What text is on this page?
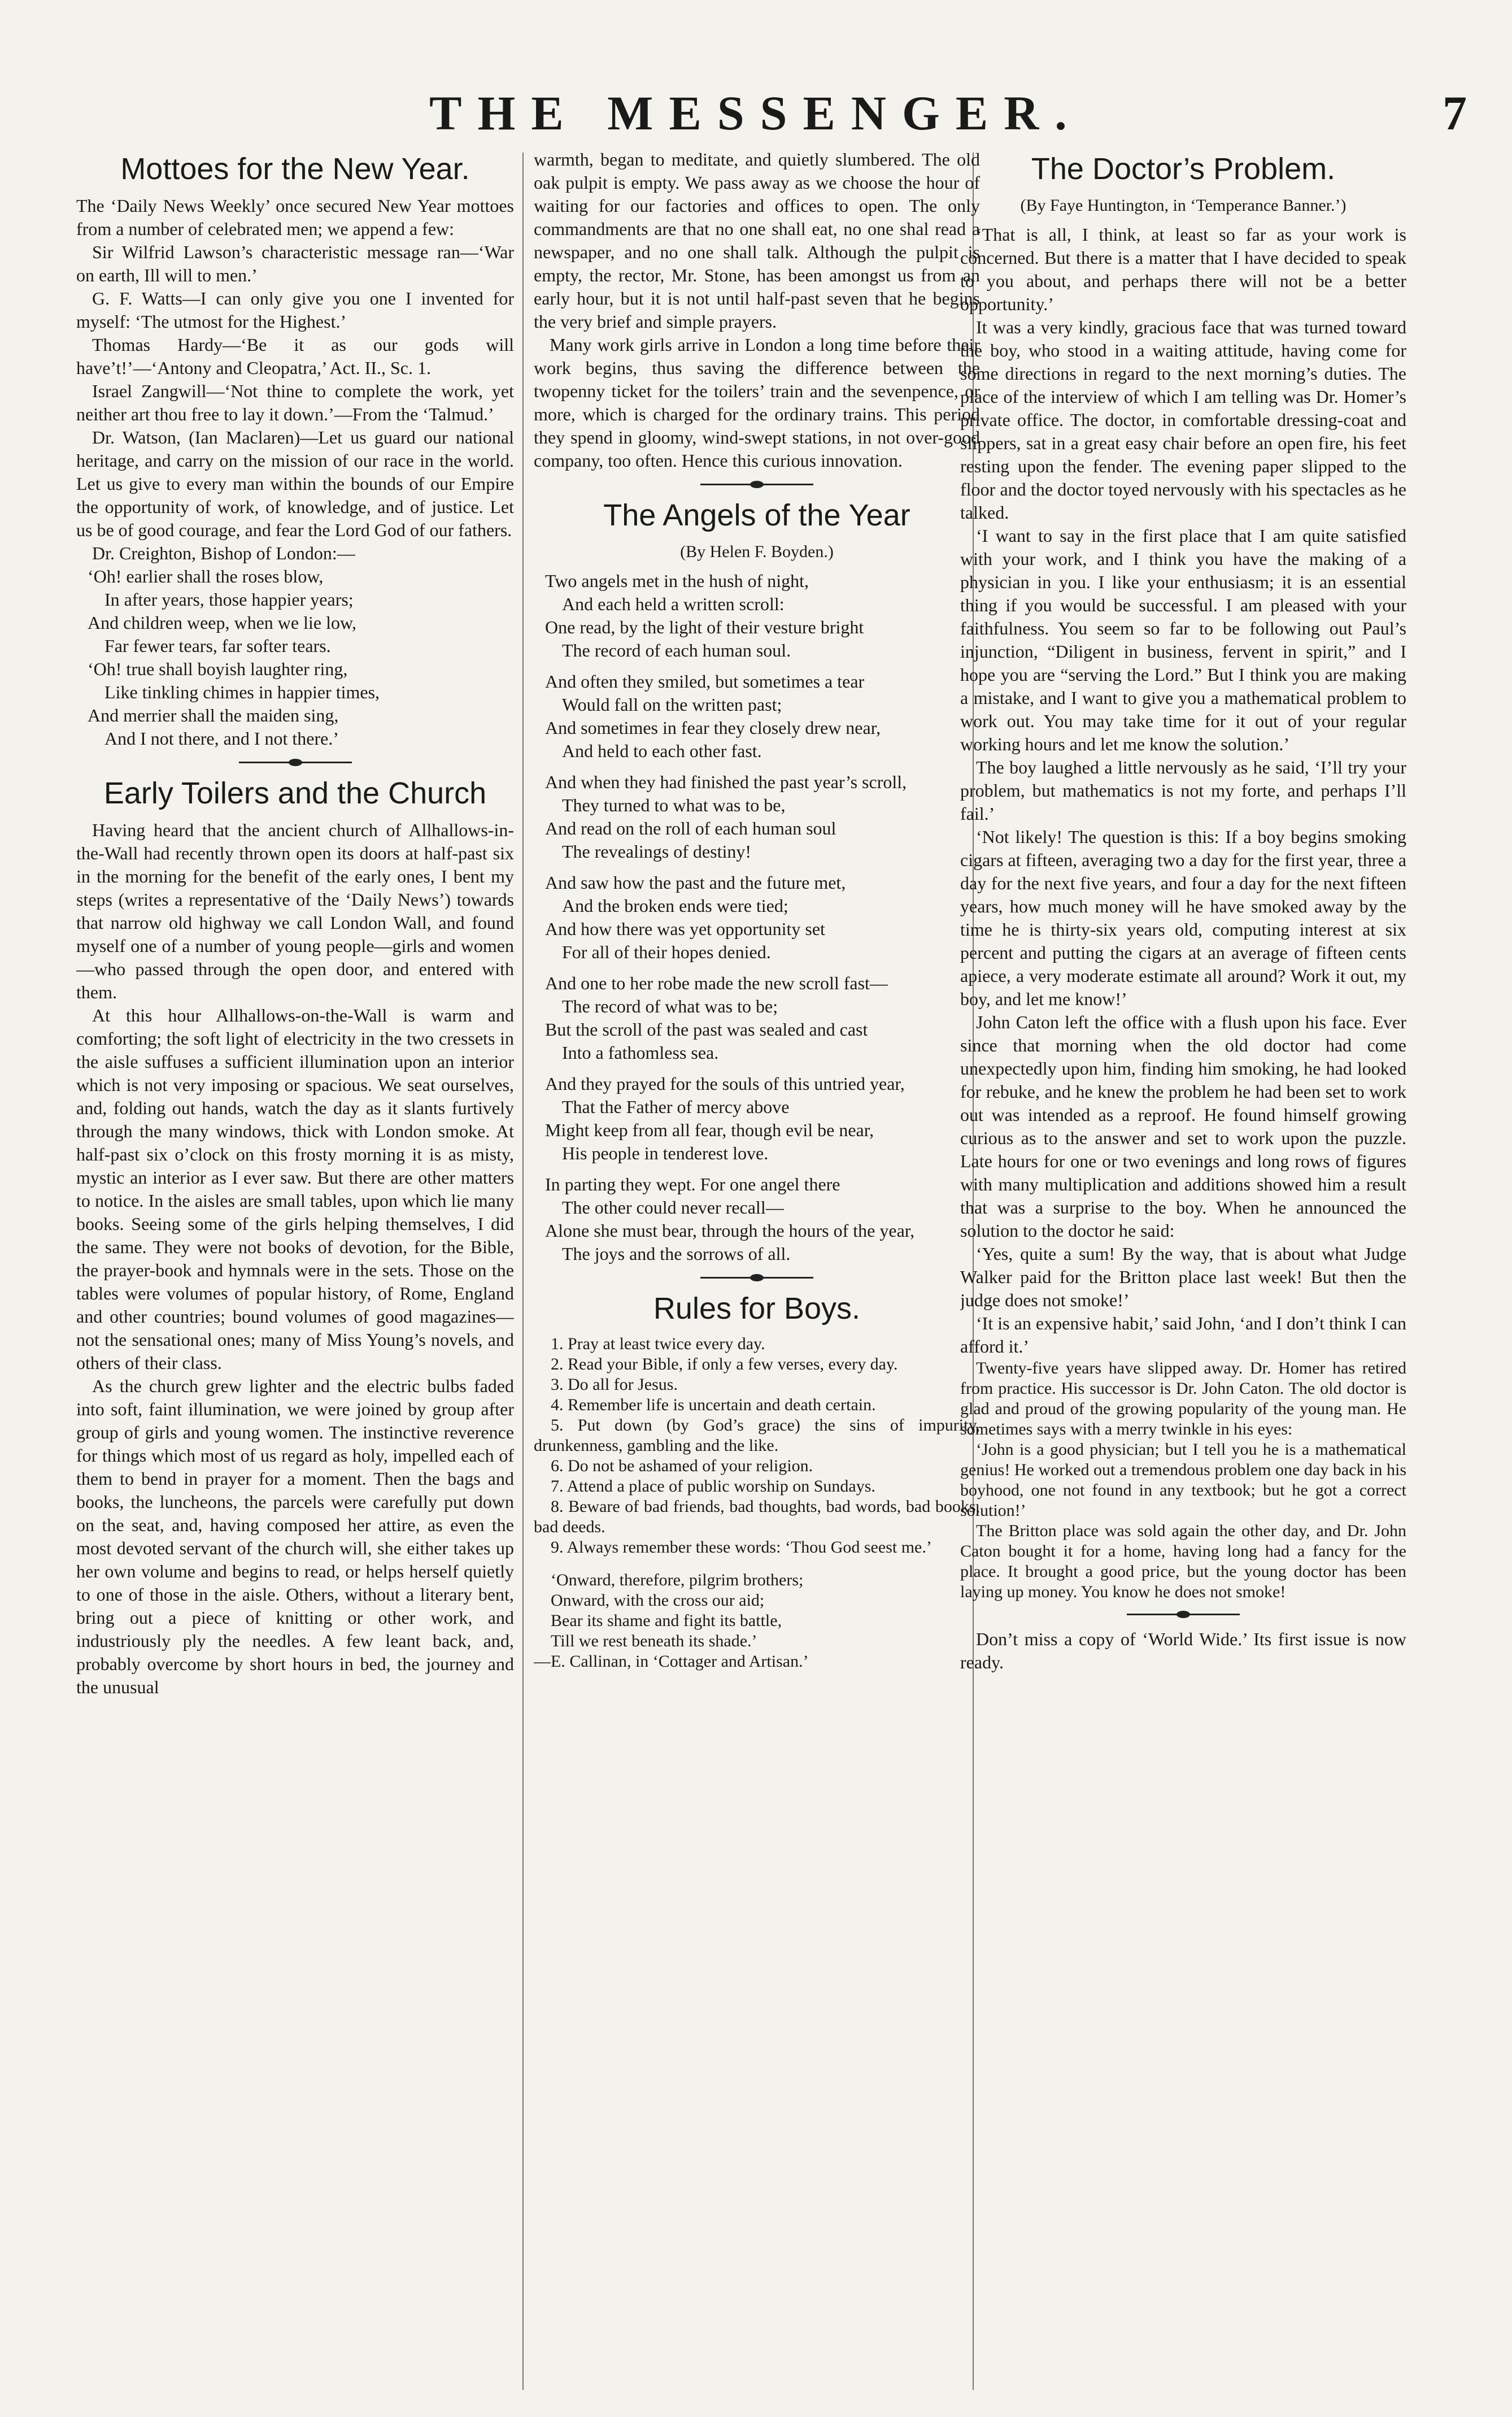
THE MESSENGER.	7
Mottoes for the New Year.

The ‘Daily News Weekly’ once secured New Year mottoes from a number of celebrated men; we append a few:

Sir Wilfrid Lawson’s characteristic message ran—‘War on earth, Ill will to men.’

G. F. Watts—I can only give you one I invented for myself: ‘The utmost for the Highest.’

Thomas Hardy—‘Be it as our gods will have’t!’—‘Antony and Cleopatra,’ Act. II., Sc. 1.

Israel Zangwill—‘Not thine to complete the work, yet neither art thou free to lay it down.’—From the ‘Talmud.’

Dr. Watson, (Ian Maclaren)—Let us guard our national heritage, and carry on the mission of our race in the world. Let us give to every man within the bounds of our Empire the opportunity of work, of knowledge, and of justice. Let us be of good courage, and fear the Lord God of our fathers.

Dr. Creighton, Bishop of London:—

‘Oh! earlier shall the roses blow,
In after years, those happier years;
And children weep, when we lie low,
Far fewer tears, far softer tears.
‘Oh! true shall boyish laughter ring,
Like tinkling chimes in happier times,
And merrier shall the maiden sing,
And I not there, and I not there.’
Early Toilers and the Church

Having heard that the ancient church of Allhallows-in-the-Wall had recently thrown open its doors at half-past six in the morning for the benefit of the early ones, I bent my steps (writes a representative of the ‘Daily News’) towards that narrow old highway we call London Wall, and found myself one of a number of young people—girls and women—who passed through the open door, and entered with them.

At this hour Allhallows-on-the-Wall is warm and comforting; the soft light of electricity in the two cressets in the aisle suffuses a sufficient illumination upon an interior which is not very imposing or spacious. We seat ourselves, and, folding out hands, watch the day as it slants furtively through the many windows, thick with London smoke. At half-past six o’clock on this frosty morning it is as misty, mystic an interior as I ever saw. But there are other matters to notice. In the aisles are small tables, upon which lie many books. Seeing some of the girls helping themselves, I did the same. They were not books of devotion, for the Bible, the prayer-book and hymnals were in the sets. Those on the tables were volumes of popular history, of Rome, England and other countries; bound volumes of good magazines—not the sensational ones; many of Miss Young’s novels, and others of their class.

As the church grew lighter and the electric bulbs faded into soft, faint illumination, we were joined by group after group of girls and young women. The instinctive reverence for things which most of us regard as holy, impelled each of them to bend in prayer for a moment. Then the bags and books, the luncheons, the parcels were carefully put down on the seat, and, having composed her attire, as even the most devoted servant of the church will, she either takes up her own volume and begins to read, or helps herself quietly to one of those in the aisle. Others, without a literary bent, bring out a piece of knitting or other work, and industriously ply the needles. A few leant back, and, probably overcome by short hours in bed, the journey and the unusual

warmth, began to meditate, and quietly slumbered. The old oak pulpit is empty. We pass away as we choose the hour of waiting for our factories and offices to open. The only commandments are that no one shall eat, no one shal read a newspaper, and no one shall talk. Although the pulpit is empty, the rector, Mr. Stone, has been amongst us from an early hour, but it is not until half-past seven that he begins the very brief and simple prayers.

Many work girls arrive in London a long time before their work begins, thus saving the difference between the twopenny ticket for the toilers’ train and the sevenpence, or more, which is charged for the ordinary trains. This period they spend in gloomy, wind-swept stations, in not over-good company, too often. Hence this curious innovation.

The Angels of the Year
(By Helen F. Boyden.)
Two angels met in the hush of night,
And each held a written scroll:
One read, by the light of their vesture bright
The record of each human soul.
And often they smiled, but sometimes a tear
Would fall on the written past;
And sometimes in fear they closely drew near,
And held to each other fast.
And when they had finished the past year’s scroll,
They turned to what was to be,
And read on the roll of each human soul
The revealings of destiny!
And saw how the past and the future met,
And the broken ends were tied;
And how there was yet opportunity set
For all of their hopes denied.
And one to her robe made the new scroll fast—
The record of what was to be;
But the scroll of the past was sealed and cast
Into a fathomless sea.
And they prayed for the souls of this untried year,
That the Father of mercy above
Might keep from all fear, though evil be near,
His people in tenderest love.
In parting they wept. For one angel there
The other could never recall—
Alone she must bear, through the hours of the year,
The joys and the sorrows of all.
Rules for Boys.
1. Pray at least twice every day.
2. Read your Bible, if only a few verses, every day.
3. Do all for Jesus.
4. Remember life is uncertain and death certain.
5. Put down (by God’s grace) the sins of impurity, drunkenness, gambling and the like.
6. Do not be ashamed of your religion.
7. Attend a place of public worship on Sundays.
8. Beware of bad friends, bad thoughts, bad words, bad books, bad deeds.
9. Always remember these words: ‘Thou God seest me.’
‘Onward, therefore, pilgrim brothers;
Onward, with the cross our aid;
Bear its shame and fight its battle,
Till we rest beneath its shade.’
—E. Callinan, in ‘Cottager and Artisan.’
The Doctor’s Problem.
(By Faye Huntington, in ‘Temperance Banner.’)

‘That is all, I think, at least so far as your work is concerned. But there is a matter that I have decided to speak to you about, and perhaps there will not be a better opportunity.’

It was a very kindly, gracious face that was turned toward the boy, who stood in a waiting attitude, having come for some directions in regard to the next morning’s duties. The place of the interview of which I am telling was Dr. Homer’s private office. The doctor, in comfortable dressing-coat and slippers, sat in a great easy chair before an open fire, his feet resting upon the fender. The evening paper slipped to the floor and the doctor toyed nervously with his spectacles as he talked.

‘I want to say in the first place that I am quite satisfied with your work, and I think you have the making of a physician in you. I like your enthusiasm; it is an essential thing if you would be successful. I am pleased with your faithfulness. You seem so far to be following out Paul’s injunction, “Diligent in business, fervent in spirit,” and I hope you are “serving the Lord.” But I think you are making a mistake, and I want to give you a mathematical problem to work out. You may take time for it out of your regular working hours and let me know the solution.’

The boy laughed a little nervously as he said, ‘I’ll try your problem, but mathematics is not my forte, and perhaps I’ll fail.’

‘Not likely! The question is this: If a boy begins smoking cigars at fifteen, averaging two a day for the first year, three a day for the next five years, and four a day for the next fifteen years, how much money will he have smoked away by the time he is thirty-six years old, computing interest at six percent and putting the cigars at an average of fifteen cents apiece, a very moderate estimate all around? Work it out, my boy, and let me know!’

John Caton left the office with a flush upon his face. Ever since that morning when the old doctor had come unexpectedly upon him, finding him smoking, he had looked for rebuke, and he knew the problem he had been set to work out was intended as a reproof. He found himself growing curious as to the answer and set to work upon the puzzle. Late hours for one or two evenings and long rows of figures with many multiplication and additions showed him a result that was a surprise to the boy. When he announced the solution to the doctor he said:

‘Yes, quite a sum! By the way, that is about what Judge Walker paid for the Britton place last week! But then the judge does not smoke!’

‘It is an expensive habit,’ said John, ‘and I don’t think I can afford it.’

Twenty-five years have slipped away. Dr. Homer has retired from practice. His successor is Dr. John Caton. The old doctor is glad and proud of the growing popularity of the young man. He sometimes says with a merry twinkle in his eyes:

‘John is a good physician; but I tell you he is a mathematical genius! He worked out a tremendous problem one day back in his boyhood, one not found in any textbook; but he got a correct solution!’

The Britton place was sold again the other day, and Dr. John Caton bought it for a home, having long had a fancy for the place. It brought a good price, but the young doctor has been laying up money. You know he does not smoke!

Don’t miss a copy of ‘World Wide.’ Its first issue is now ready.
